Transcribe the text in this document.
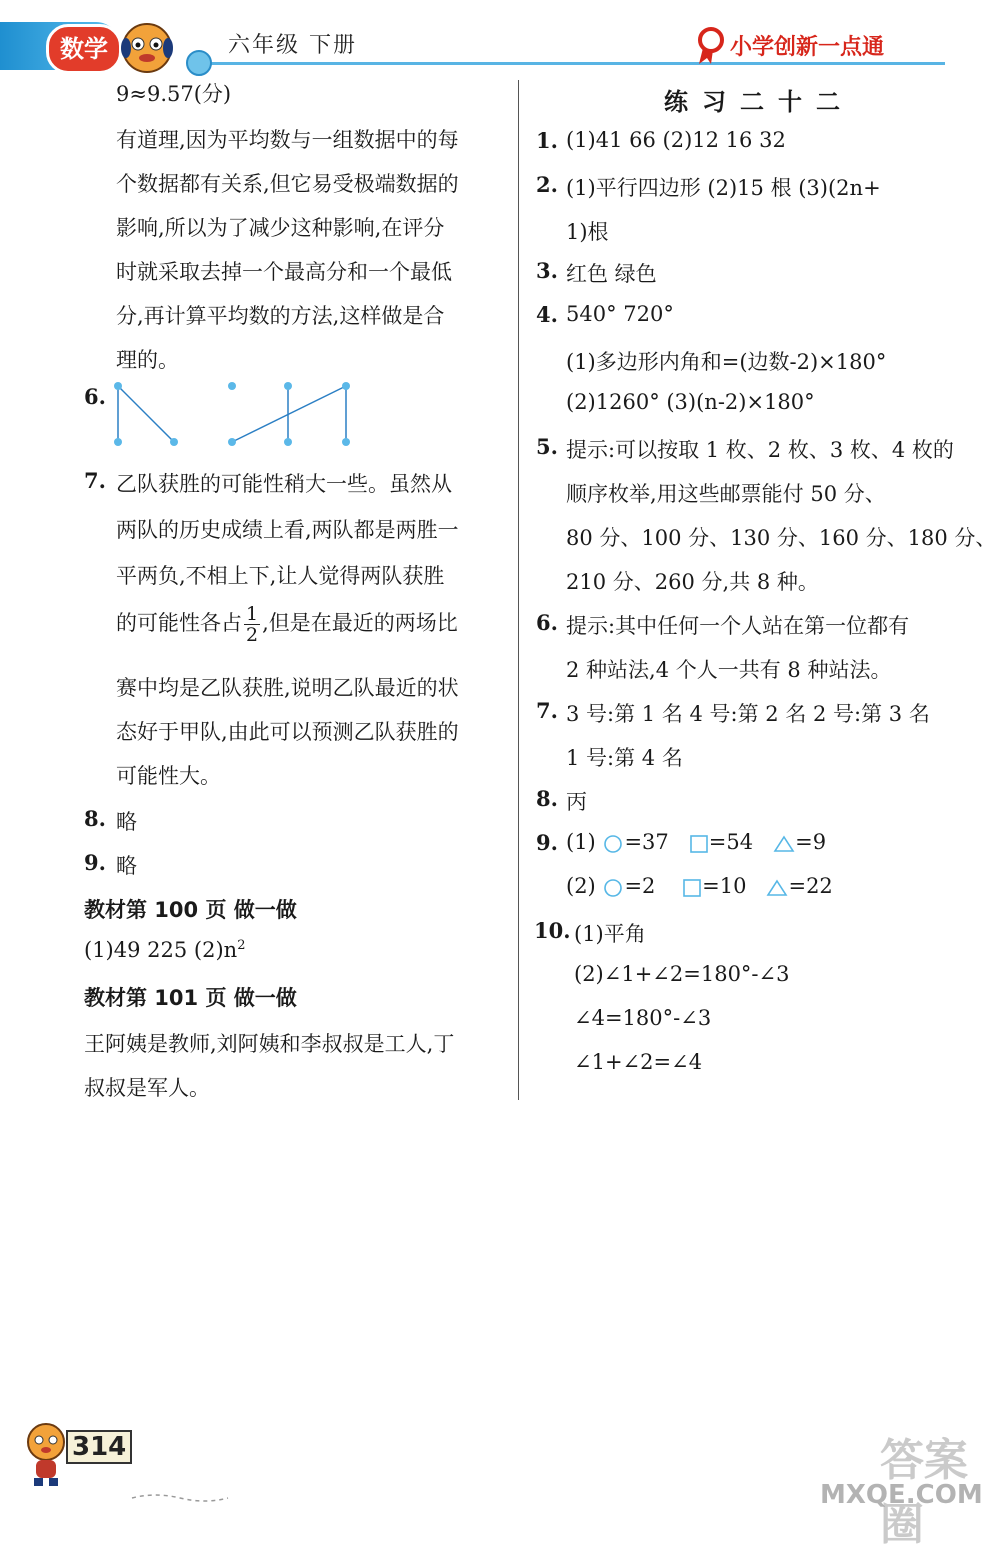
数学	六年级 下册	小学创新一点通
9≈9.57(分)
有道理,因为平均数与一组数据中的每
个数据都有关系,但它易受极端数据的
影响,所以为了减少这种影响,在评分
时就采取去掉一个最高分和一个最低
分,再计算平均数的方法,这样做是合
理的。
6.
7. 乙队获胜的可能性稍大一些。虽然从
两队的历史成绩上看,两队都是两胜一
平两负,不相上下,让人觉得两队获胜
的可能性各占 $\frac{1}{2}$ ,但是在最近的两场比
赛中均是乙队获胜,说明乙队最近的状
态好于甲队,由此可以预测乙队获胜的
可能性大。
8. 略
9. 略
教材第 100 页 做一做
(1)49 225 $(2)n^2$
教材第 101 页 做一做
王阿姨是教师,刘阿姨和李叔叔是工人,丁
叔叔是军人。
练习二十二
1. (1)41 66 (2)12 16 32
2. (1)平行四边形 (2)15 根 (3)(2n+
1)根
3. 红色 绿色
4. 540° 720°
(1)多边形内角和=(边数-2)×180°
(2)1260° (3)(n-2)×180°
5. 提示:可以按取 1 枚、2 枚、3 枚、4 枚的
顺序枚举,用这些邮票能付 50 分、
80 分、100 分、130 分、160 分、180 分、
210 分、260 分,共 8 种。
6. 提示:其中任何一个人站在第一位都有
2 种站法,4 个人一共有 8 种站法。
7. 3 号:第 1 名 4 号:第 2 名 2 号:第 3 名
1 号:第 4 名
8. 丙
9. (1) =37 =54 =9
(2) =2 =10 =22
10. (1)平角
(2)∠1+∠2=180°-∠3
∠4=180°-∠3
∠1+∠2=∠4
314	答案圈
MXQE.COM
